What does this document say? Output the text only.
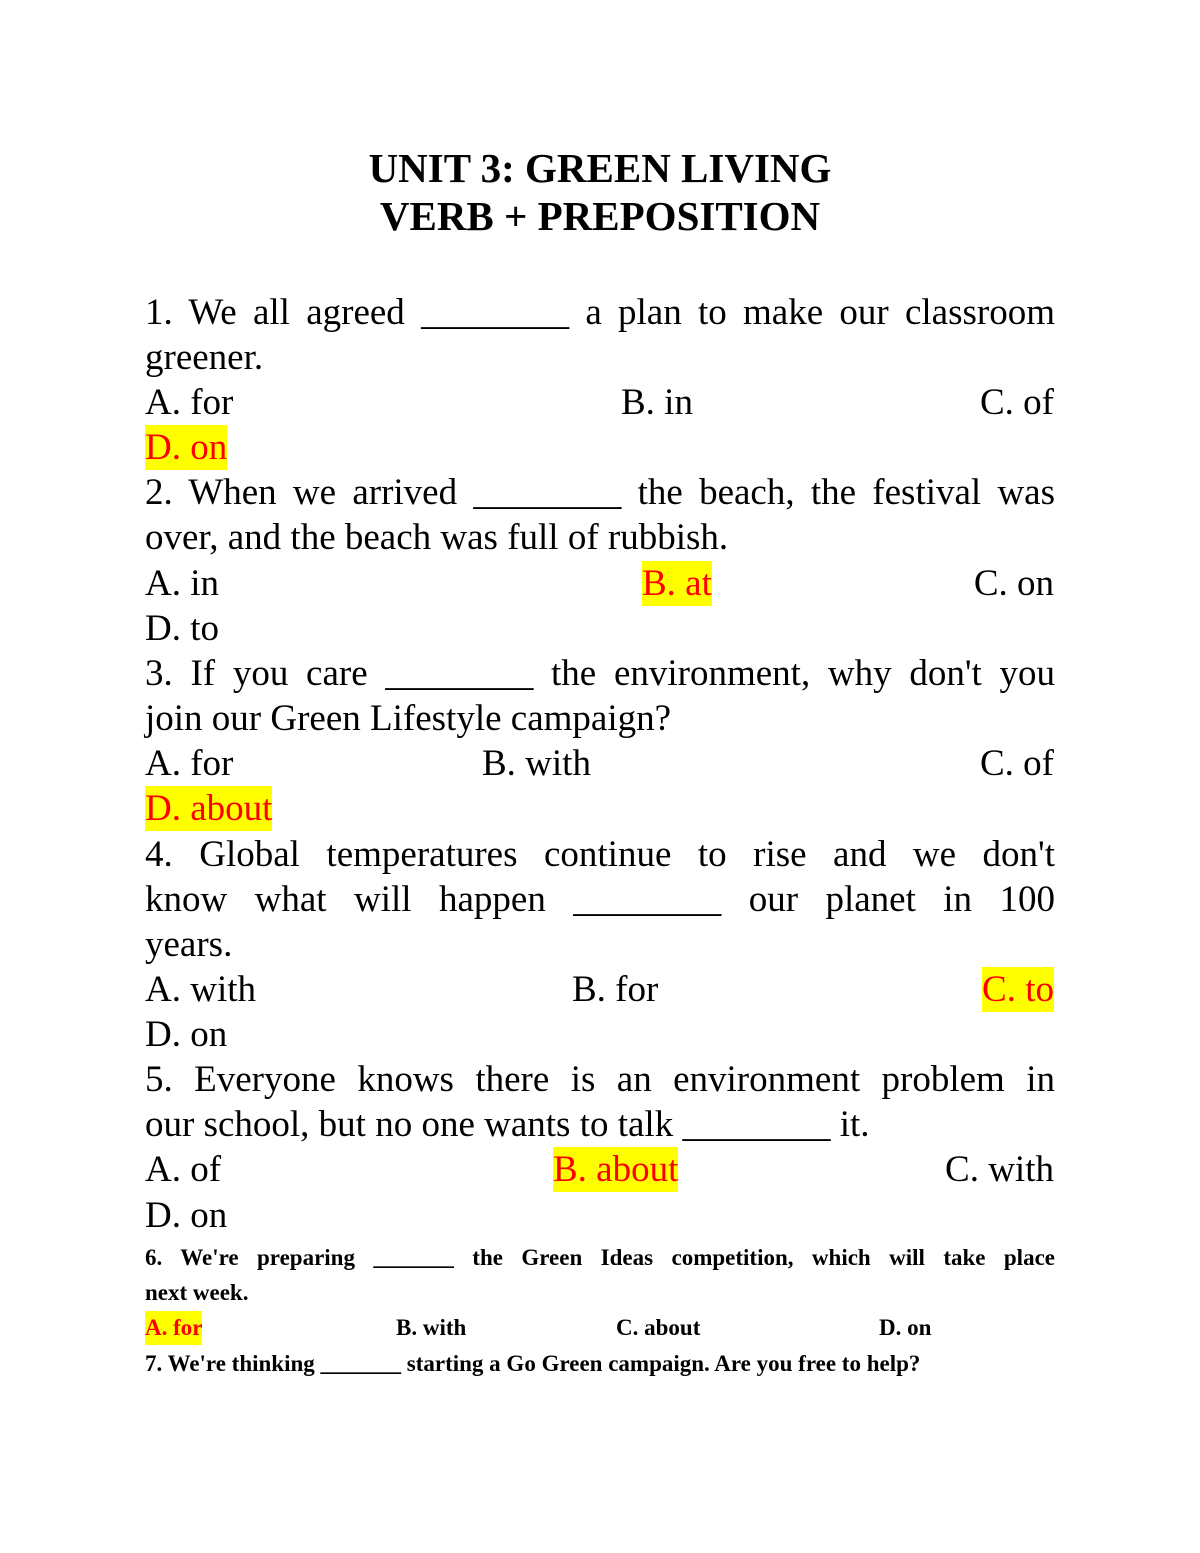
UNIT 3: GREEN LIVING
VERB + PREPOSITION
1. We all agreed ________ a plan to make our classroom
greener.
A. for	B. in	C. of
D. on
2. When we arrived ________ the beach, the festival was
over, and the beach was full of rubbish.
A. in	B. at	C. on
D. to
3. If you care ________ the environment, why don't you
join our Green Lifestyle campaign?
A. for	B. with	C. of
D. about
4. Global temperatures continue to rise and we don't
know what will happen ________ our planet in 100
years.
A. with	B. for	C. to
D. on
5. Everyone knows there is an environment problem in
our school, but no one wants to talk ________ it.
A. of	B. about	C. with
D. on
6. We're preparing _______ the Green Ideas competition, which will take place
next week.
A. for	B. with	C. about	D. on
7. We're thinking _______ starting a Go Green campaign. Are you free to help?
